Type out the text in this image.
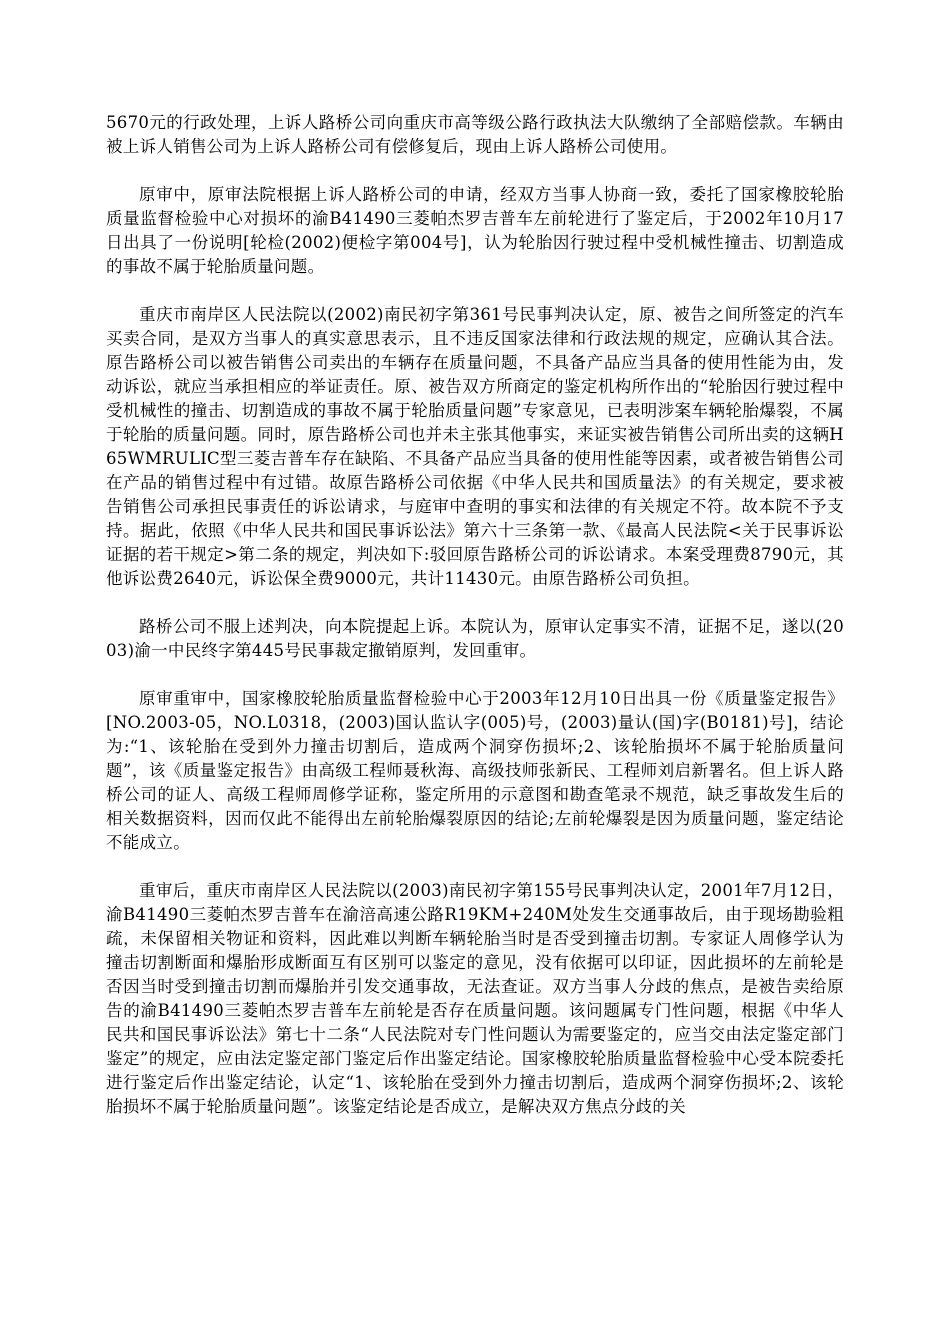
5670元的行政处理，上诉人路桥公司向重庆市高等级公路行政执法大队缴纳了全部赔偿款。车辆由被上诉人销售公司为上诉人路桥公司有偿修复后，现由上诉人路桥公司使用。

原审中，原审法院根据上诉人路桥公司的申请，经双方当事人协商一致，委托了国家橡胶轮胎质量监督检验中心对损坏的渝B41490三菱帕杰罗吉普车左前轮进行了鉴定后，于2002年10月17日出具了一份说明[轮检(2002)便检字第004号]，认为轮胎因行驶过程中受机械性撞击、切割造成的事故不属于轮胎质量问题。

重庆市南岸区人民法院以(2002)南民初字第361号民事判决认定，原、被告之间所签定的汽车买卖合同，是双方当事人的真实意思表示，且不违反国家法律和行政法规的规定，应确认其合法。原告路桥公司以被告销售公司卖出的车辆存在质量问题，不具备产品应当具备的使用性能为由，发动诉讼，就应当承担相应的举证责任。原、被告双方所商定的鉴定机构所作出的“轮胎因行驶过程中受机械性的撞击、切割造成的事故不属于轮胎质量问题”专家意见，已表明涉案车辆轮胎爆裂，不属于轮胎的质量问题。同时，原告路桥公司也并未主张其他事实，来证实被告销售公司所出卖的这辆H65WMRULIC型三菱吉普车存在缺陷、不具备产品应当具备的使用性能等因素，或者被告销售公司在产品的销售过程中有过错。故原告路桥公司依据《中华人民共和国质量法》的有关规定，要求被告销售公司承担民事责任的诉讼请求，与庭审中查明的事实和法律的有关规定不符。故本院不予支持。据此，依照《中华人民共和国民事诉讼法》第六十三条第一款、《最高人民法院<关于民事诉讼证据的若干规定>第二条的规定，判决如下:驳回原告路桥公司的诉讼请求。本案受理费8790元，其他诉讼费2640元，诉讼保全费9000元，共计11430元。由原告路桥公司负担。

路桥公司不服上述判决，向本院提起上诉。本院认为，原审认定事实不清，证据不足，遂以(2003)渝一中民终字第445号民事裁定撤销原判，发回重审。

原审重审中，国家橡胶轮胎质量监督检验中心于2003年12月10日出具一份《质量鉴定报告》[NO.2003-05，NO.L0318，(2003)国认监认字(005)号，(2003)量认(国)字(B0181)号]，结论为:“1、该轮胎在受到外力撞击切割后，造成两个洞穿伤损坏;2、该轮胎损坏不属于轮胎质量问题”，该《质量鉴定报告》由高级工程师聂秋海、高级技师张新民、工程师刘启新署名。但上诉人路桥公司的证人、高级工程师周修学证称，鉴定所用的示意图和勘查笔录不规范，缺乏事故发生后的相关数据资料，因而仅此不能得出左前轮胎爆裂原因的结论;左前轮爆裂是因为质量问题，鉴定结论不能成立。

重审后，重庆市南岸区人民法院以(2003)南民初字第155号民事判决认定，2001年7月12日，渝B41490三菱帕杰罗吉普车在渝涪高速公路R19KM+240M处发生交通事故后，由于现场勘验粗疏，未保留相关物证和资料，因此难以判断车辆轮胎当时是否受到撞击切割。专家证人周修学认为撞击切割断面和爆胎形成断面互有区别可以鉴定的意见，没有依据可以印证，因此损坏的左前轮是否因当时受到撞击切割而爆胎并引发交通事故，无法查证。双方当事人分歧的焦点，是被告卖给原告的渝B41490三菱帕杰罗吉普车左前轮是否存在质量问题。该问题属专门性问题，根据《中华人民共和国民事诉讼法》第七十二条“人民法院对专门性问题认为需要鉴定的，应当交由法定鉴定部门鉴定”的规定，应由法定鉴定部门鉴定后作出鉴定结论。国家橡胶轮胎质量监督检验中心受本院委托进行鉴定后作出鉴定结论，认定“1、该轮胎在受到外力撞击切割后，造成两个洞穿伤损坏;2、该轮胎损坏不属于轮胎质量问题”。该鉴定结论是否成立，是解决双方焦点分歧的关
